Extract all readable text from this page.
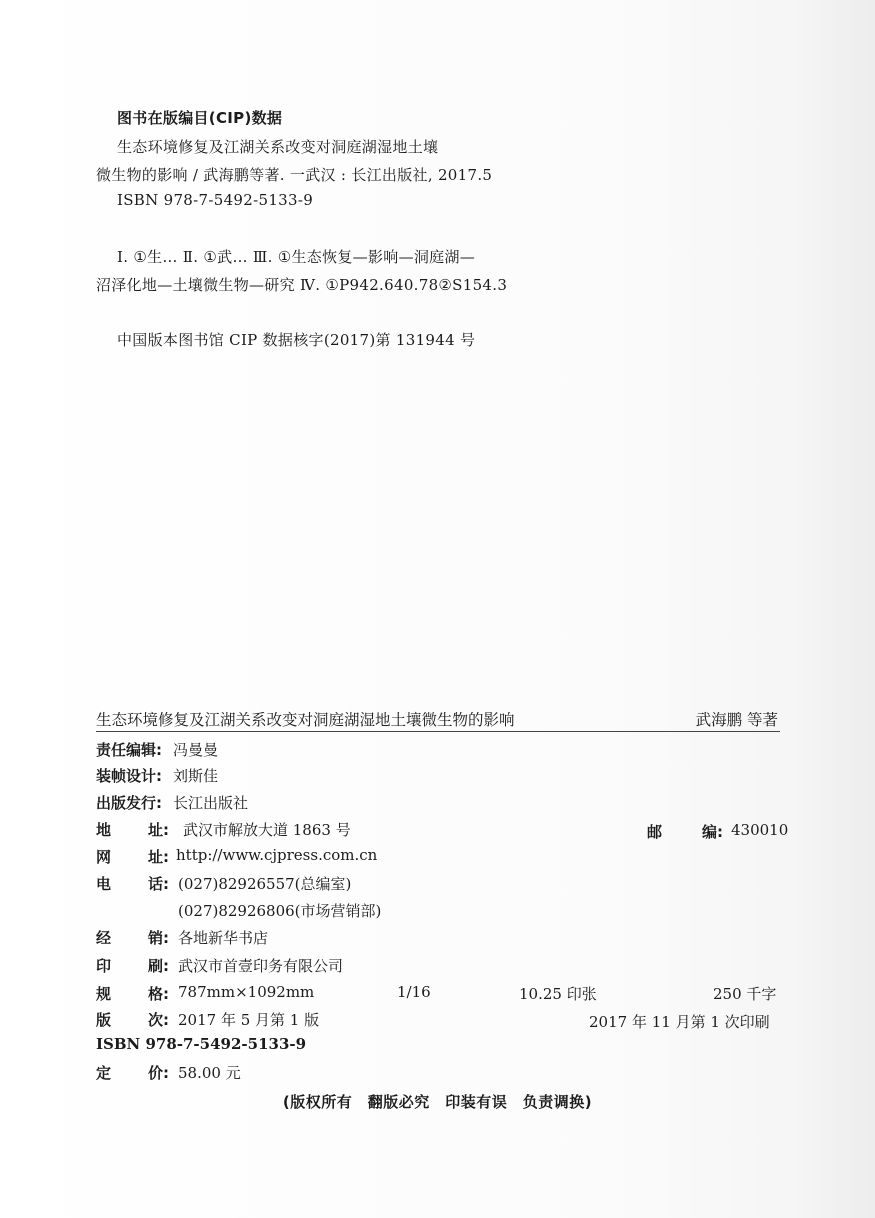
图书在版编目(CIP)数据
生态环境修复及江湖关系改变对洞庭湖湿地土壤
微生物的影响 / 武海鹏等著. 一武汉 : 长江出版社, 2017.5
ISBN 978-7-5492-5133-9
Ⅰ. ①生… Ⅱ. ①武… Ⅲ. ①生态恢复—影响—洞庭湖—
沼泽化地—土壤微生物—研究 Ⅳ. ①P942.640.78②S154.3
中国版本图书馆 CIP 数据核字(2017)第 131944 号
生态环境修复及江湖关系改变对洞庭湖湿地土壤微生物的影响	武海鹏 等著
责任编辑: 冯曼曼
装帧设计: 刘斯佳
出版发行: 长江出版社
地 址: 武汉市解放大道 1863 号	邮	编: 430010
网 址: http://www.cjpress.com.cn
电 话: (027)82926557(总编室)
(027)82926806(市场营销部)
经 销: 各地新华书店
印 刷: 武汉市首壹印务有限公司
规 格: 787mm×1092mm	1/16	10.25 印张	250 千字
版 次: 2017 年 5 月第 1 版	2017 年 11 月第 1 次印刷
ISBN 978-7-5492-5133-9
定 价: 58.00 元
(版权所有　翻版必究　印装有误　负责调换)
